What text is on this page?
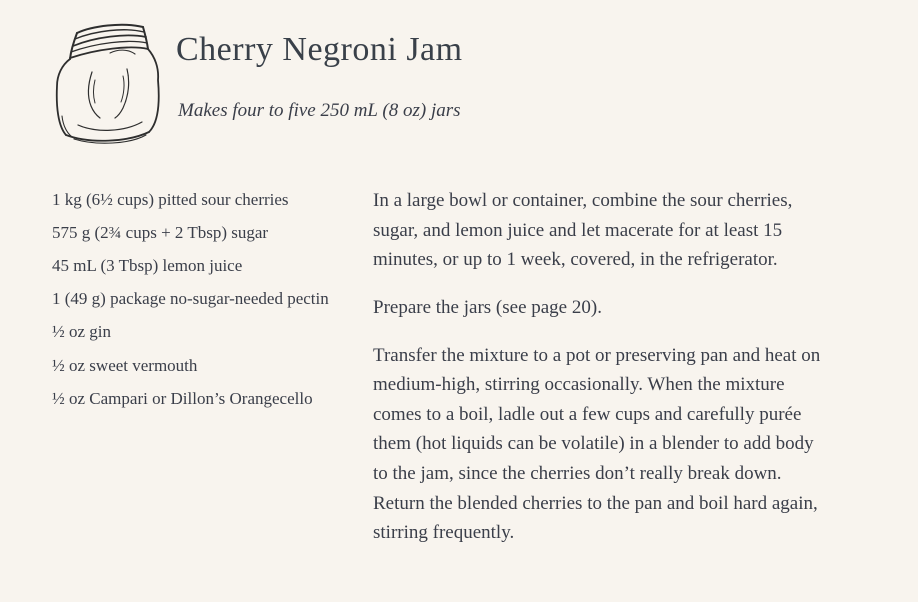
Cherry Negroni Jam

Makes four to five 250 mL (8 oz) jars

1 kg (6½ cups) pitted sour cherries
575 g (2¾ cups + 2 Tbsp) sugar
45 mL (3 Tbsp) lemon juice
1 (49 g) package no-sugar-needed pectin
½ oz gin
½ oz sweet vermouth
½ oz Campari or Dillon’s Orangecello

In a large bowl or container, combine the sour cherries, sugar, and lemon juice and let macerate for at least 15 minutes, or up to 1 week, covered, in the refrigerator.

Prepare the jars (see page 20).

Transfer the mixture to a pot or preserving pan and heat on medium-high, stirring occasionally. When the mixture comes to a boil, ladle out a few cups and carefully purée them (hot liquids can be volatile) in a blender to add body to the jam, since the cherries don’t really break down. Return the blended cherries to the pan and boil hard again, stirring frequently.
